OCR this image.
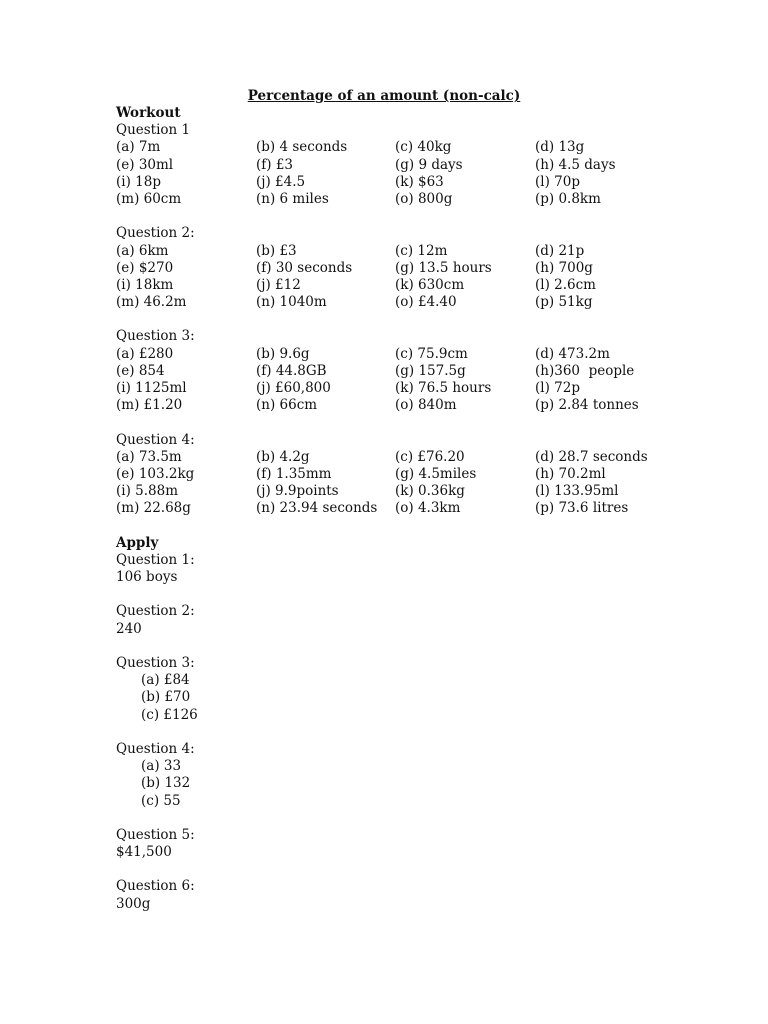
Percentage of an amount (non-calc)
Workout
Question 1
(a) 7m	(b) 4 seconds	(c) 40kg	(d) 13g
(e) 30ml	(f) £3	(g) 9 days	(h) 4.5 days
(i) 18p	(j) £4.5	(k) $63	(l) 70p
(m) 60cm	(n) 6 miles	(o) 800g	(p) 0.8km
Question 2:
(a) 6km	(b) £3	(c) 12m	(d) 21p
(e) $270	(f) 30 seconds	(g) 13.5 hours	(h) 700g
(i) 18km	(j) £12	(k) 630cm	(l) 2.6cm
(m) 46.2m	(n) 1040m	(o) £4.40	(p) 51kg
Question 3:
(a) £280	(b) 9.6g	(c) 75.9cm	(d) 473.2m
(e) 854	(f) 44.8GB	(g) 157.5g	(h)360  people
(i) 1125ml	(j) £60,800	(k) 76.5 hours	(l) 72p
(m) £1.20	(n) 66cm	(o) 840m	(p) 2.84 tonnes
Question 4:
(a) 73.5m	(b) 4.2g	(c) £76.20	(d) 28.7 seconds
(e) 103.2kg	(f) 1.35mm	(g) 4.5miles	(h) 70.2ml
(i) 5.88m	(j) 9.9points	(k) 0.36kg	(l) 133.95ml
(m) 22.68g	(n) 23.94 seconds (o) 4.3km	(p) 73.6 litres
Apply
Question 1:
106 boys
Question 2:
240
Question 3:
(a) £84
(b) £70
(c) £126
Question 4:
(a) 33
(b) 132
(c) 55
Question 5:
$41,500
Question 6:
300g
